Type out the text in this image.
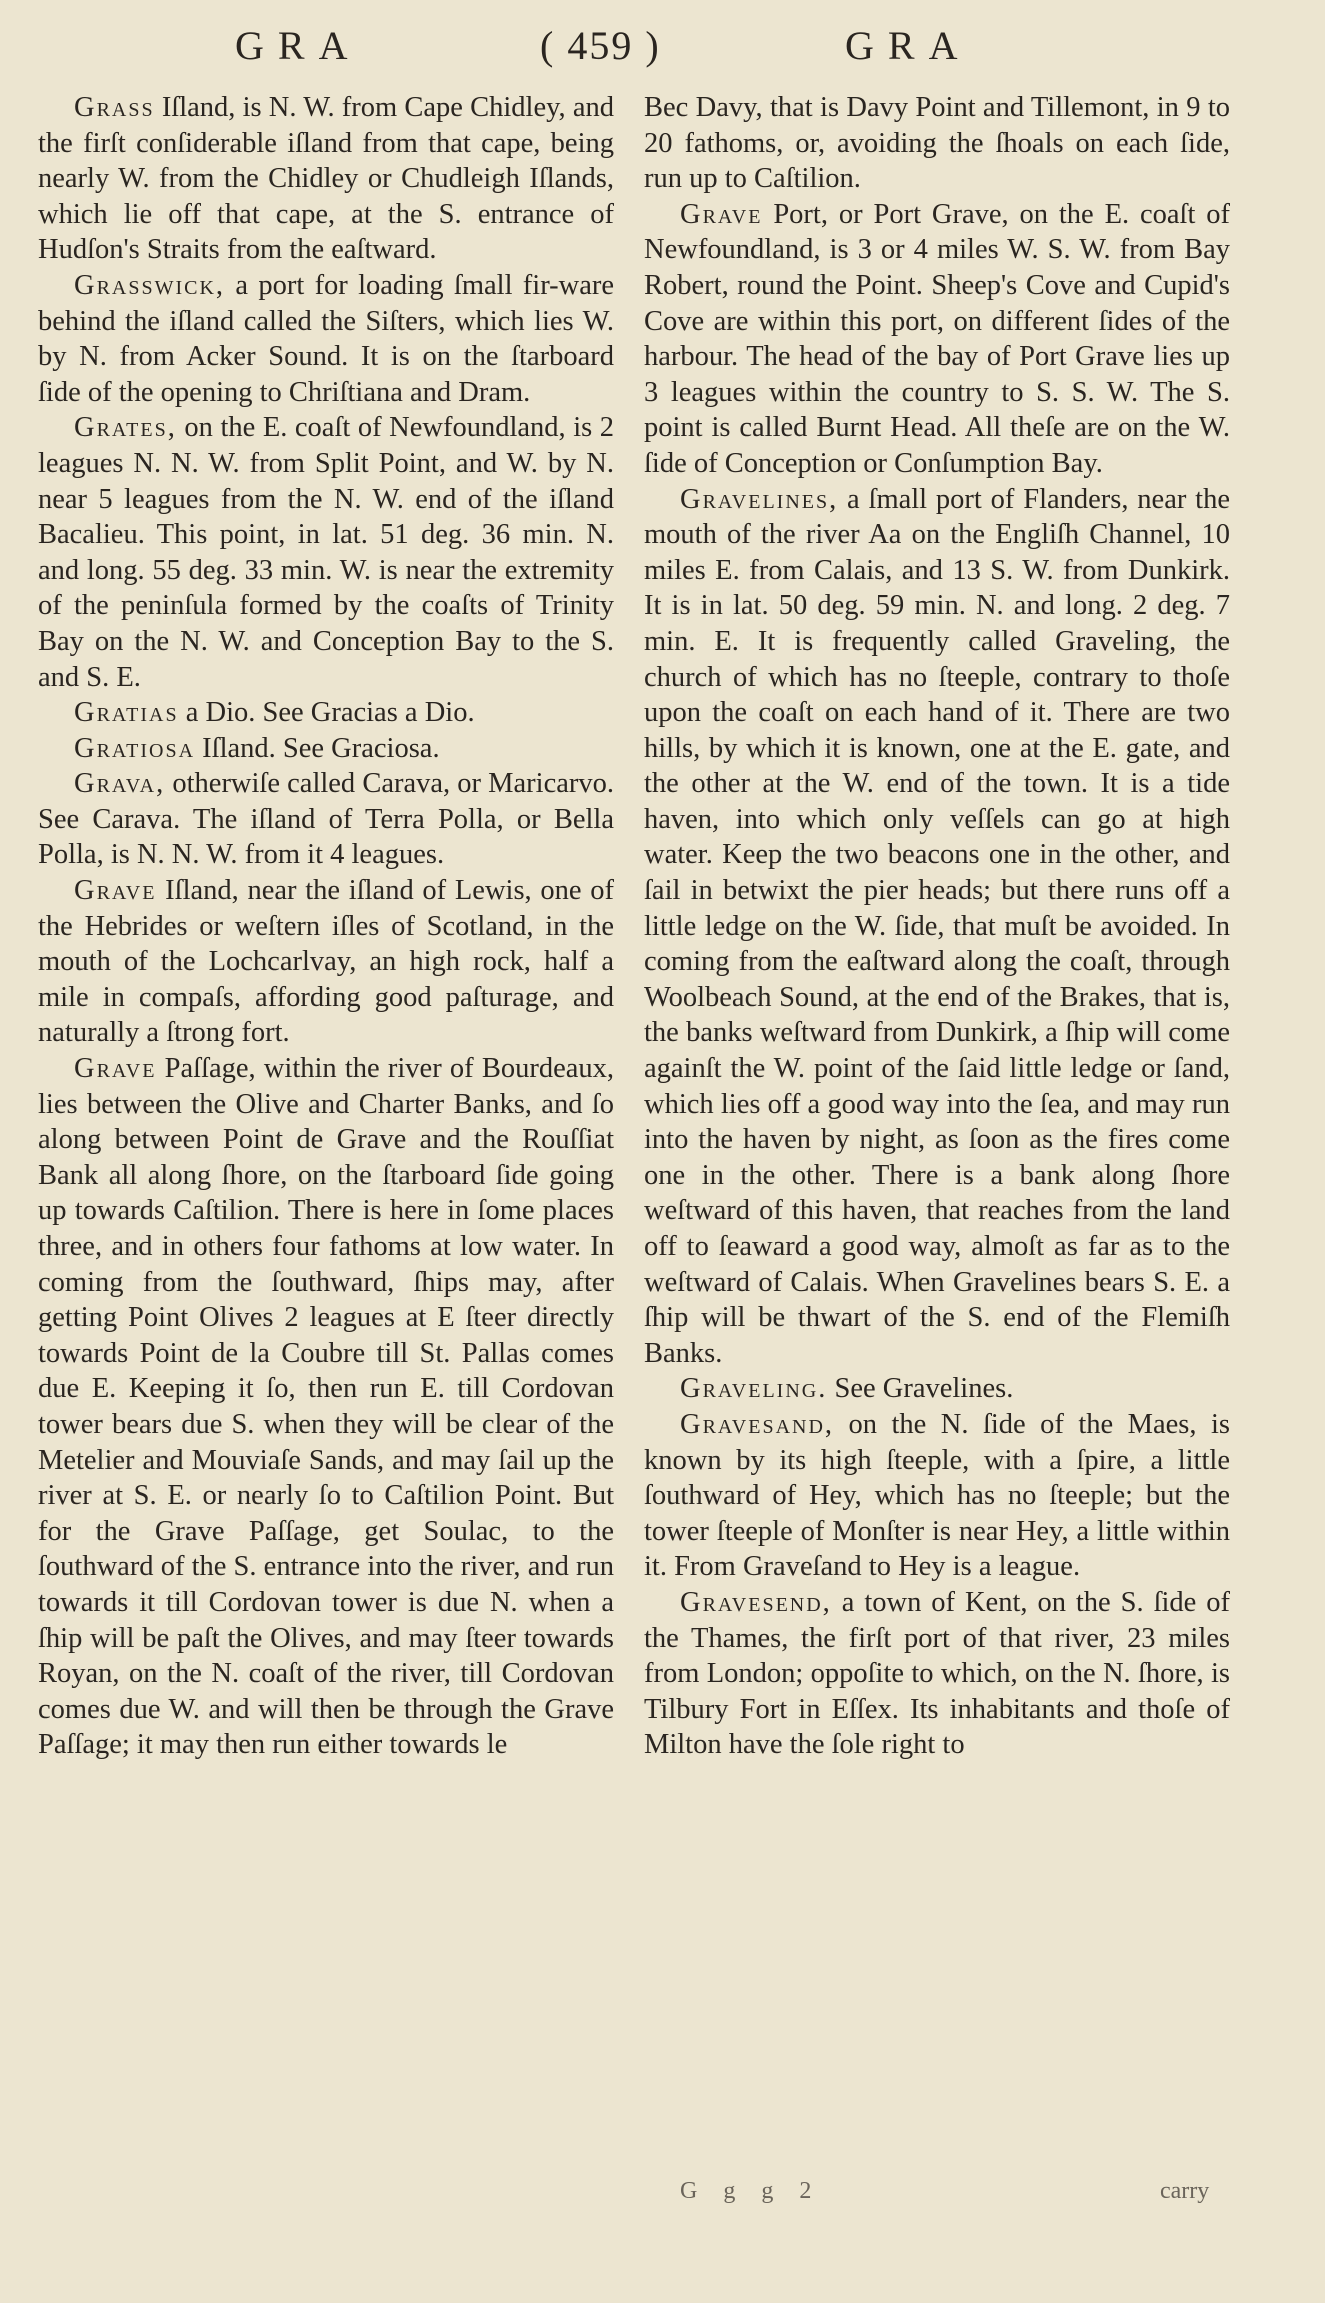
GRA	( 459 )	GRA

Grass Iſland, is N. W. from Cape Chidley, and the firſt conſiderable iſland from that cape, being nearly W. from the Chidley or Chudleigh Iſlands, which lie off that cape, at the S. entrance of Hudſon's Straits from the eaſtward.

Grasswick, a port for loading ſmall fir-ware behind the iſland called the Siſters, which lies W. by N. from Acker Sound. It is on the ſtarboard ſide of the opening to Chriſtiana and Dram.

Grates, on the E. coaſt of Newfoundland, is 2 leagues N. N. W. from Split Point, and W. by N. near 5 leagues from the N. W. end of the iſland Bacalieu. This point, in lat. 51 deg. 36 min. N. and long. 55 deg. 33 min. W. is near the extremity of the peninſula formed by the coaſts of Trinity Bay on the N. W. and Conception Bay to the S. and S. E.

Gratias a Dio. See Gracias a Dio.

Gratiosa Iſland. See Graciosa.

Grava, otherwiſe called Carava, or Maricarvo. See Carava. The iſland of Terra Polla, or Bella Polla, is N. N. W. from it 4 leagues.

Grave Iſland, near the iſland of Lewis, one of the Hebrides or weſtern iſles of Scotland, in the mouth of the Lochcarlvay, an high rock, half a mile in compaſs, affording good paſturage, and naturally a ſtrong fort.

Grave Paſſage, within the river of Bourdeaux, lies between the Olive and Charter Banks, and ſo along between Point de Grave and the Rouſſiat Bank all along ſhore, on the ſtarboard ſide going up towards Caſtilion. There is here in ſome places three, and in others four fathoms at low water. In coming from the ſouthward, ſhips may, after getting Point Olives 2 leagues at E ſteer directly towards Point de la Coubre till St. Pallas comes due E. Keeping it ſo, then run E. till Cordovan tower bears due S. when they will be clear of the Metelier and Mouviaſe Sands, and may ſail up the river at S. E. or nearly ſo to Caſtilion Point. But for the Grave Paſſage, get Soulac, to the ſouthward of the S. entrance into the river, and run towards it till Cordovan tower is due N. when a ſhip will be paſt the Olives, and may ſteer towards Royan, on the N. coaſt of the river, till Cordovan comes due W. and will then be through the Grave Paſſage; it may then run either towards le

Bec Davy, that is Davy Point and Tillemont, in 9 to 20 fathoms, or, avoiding the ſhoals on each ſide, run up to Caſtilion.

Grave Port, or Port Grave, on the E. coaſt of Newfoundland, is 3 or 4 miles W. S. W. from Bay Robert, round the Point. Sheep's Cove and Cupid's Cove are within this port, on different ſides of the harbour. The head of the bay of Port Grave lies up 3 leagues within the country to S. S. W. The S. point is called Burnt Head. All theſe are on the W. ſide of Conception or Conſumption Bay.

Gravelines, a ſmall port of Flanders, near the mouth of the river Aa on the Engliſh Channel, 10 miles E. from Calais, and 13 S. W. from Dunkirk. It is in lat. 50 deg. 59 min. N. and long. 2 deg. 7 min. E. It is frequently called Graveling, the church of which has no ſteeple, contrary to thoſe upon the coaſt on each hand of it. There are two hills, by which it is known, one at the E. gate, and the other at the W. end of the town. It is a tide haven, into which only veſſels can go at high water. Keep the two beacons one in the other, and ſail in betwixt the pier heads; but there runs off a little ledge on the W. ſide, that muſt be avoided. In coming from the eaſtward along the coaſt, through Woolbeach Sound, at the end of the Brakes, that is, the banks weſtward from Dunkirk, a ſhip will come againſt the W. point of the ſaid little ledge or ſand, which lies off a good way into the ſea, and may run into the haven by night, as ſoon as the fires come one in the other. There is a bank along ſhore weſtward of this haven, that reaches from the land off to ſeaward a good way, almoſt as far as to the weſtward of Calais. When Gravelines bears S. E. a ſhip will be thwart of the S. end of the Flemiſh Banks.

Graveling. See Gravelines.

Gravesand, on the N. ſide of the Maes, is known by its high ſteeple, with a ſpire, a little ſouthward of Hey, which has no ſteeple; but the tower ſteeple of Monſter is near Hey, a little within it. From Graveſand to Hey is a league.

Gravesend, a town of Kent, on the S. ſide of the Thames, the firſt port of that river, 23 miles from London; oppoſite to which, on the N. ſhore, is Tilbury Fort in Eſſex. Its inhabitants and thoſe of Milton have the ſole right to

G g g 2	carry
